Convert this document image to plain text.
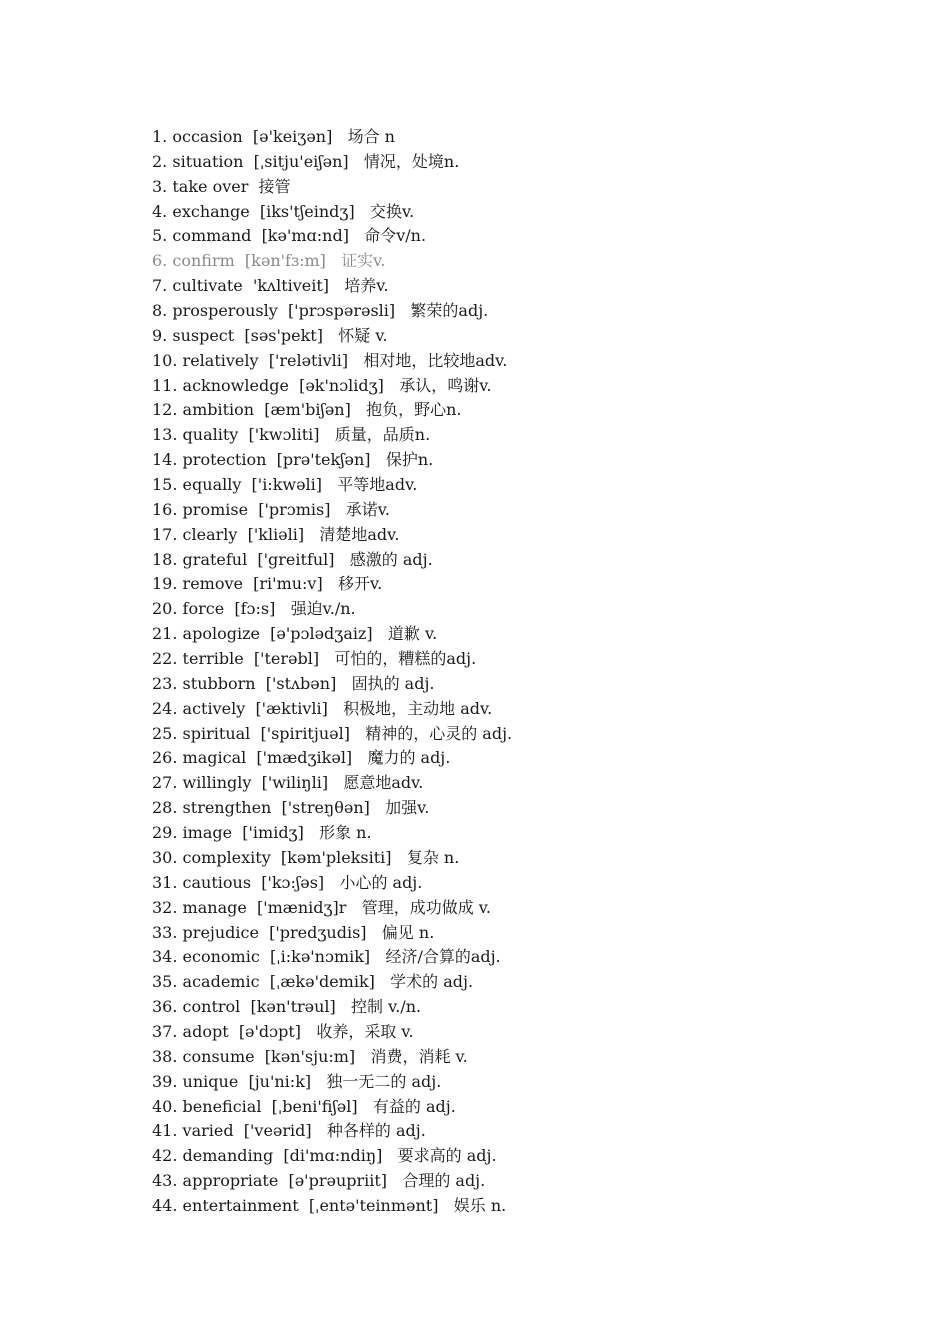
1. occasion [ə'keiʒən] 场合 n
2. situation [ˌsitju'eiʃən] 情况，处境n.
3. take over 接管
4. exchange [iks'tʃeindʒ] 交换v.
5. command [kə'mɑ:nd] 命令v/n.
6. confirm [kən'fɜ:m] 证实v.
7. cultivate 'kʌltiveit] 培养v.
8. prosperously ['prɔspərəsli] 繁荣的adj.
9. suspect [səs'pekt] 怀疑 v.
10. relatively ['relətivli] 相对地，比较地adv.
11. acknowledge [ək'nɔlidʒ] 承认，鸣谢v.
12. ambition [æm'biʃən] 抱负，野心n.
13. quality ['kwɔliti] 质量，品质n.
14. protection [prə'tekʃən] 保护n.
15. equally ['i:kwəli] 平等地adv.
16. promise ['prɔmis] 承诺v.
17. clearly ['kliəli] 清楚地adv.
18. grateful ['greitful] 感激的 adj.
19. remove [ri'mu:v] 移开v.
20. force [fɔ:s] 强迫v./n.
21. apologize [ə'pɔlədʒaiz] 道歉 v.
22. terrible ['terəbl] 可怕的，糟糕的adj.
23. stubborn ['stʌbən] 固执的 adj.
24. actively ['æktivli] 积极地，主动地 adv.
25. spiritual ['spiritjuəl] 精神的，心灵的 adj.
26. magical ['mædʒikəl] 魔力的 adj.
27. willingly ['wiliŋli] 愿意地adv.
28. strengthen ['streŋθən] 加强v.
29. image ['imidʒ] 形象 n.
30. complexity [kəm'pleksiti] 复杂 n.
31. cautious ['kɔ:ʃəs] 小心的 adj.
32. manage ['mænidʒ]r 管理，成功做成 v.
33. prejudice ['predʒudis] 偏见 n.
34. economic [ˌi:kə'nɔmik] 经济/合算的adj.
35. academic [ˌækə'demik] 学术的 adj.
36. control [kən'trəul] 控制 v./n.
37. adopt [ə'dɔpt] 收养，采取 v.
38. consume [kən'sju:m] 消费，消耗 v.
39. unique [ju'ni:k] 独一无二的 adj.
40. beneficial [ˌbeni'fiʃəl] 有益的 adj.
41. varied ['veərid] 种各样的 adj.
42. demanding [di'mɑ:ndiŋ] 要求高的 adj.
43. appropriate [ə'prəupriit] 合理的 adj.
44. entertainment [ˌentə'teinmənt] 娱乐 n.
